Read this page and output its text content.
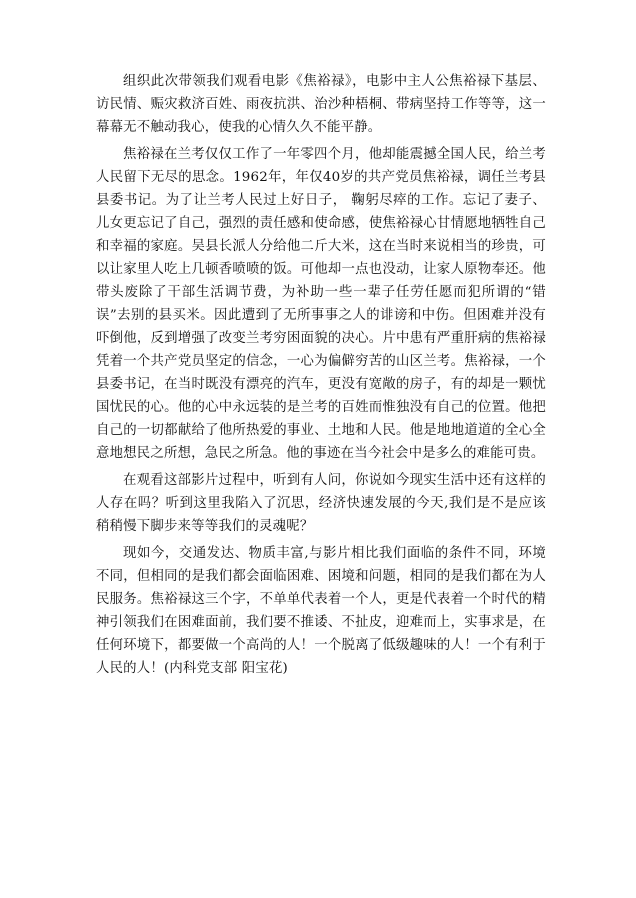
组织此次带领我们观看电影《焦裕禄》，电影中主人公焦裕禄下基层、访民情、赈灾救济百姓、雨夜抗洪、治沙种梧桐、带病坚持工作等等，这一幕幕无不触动我心，使我的心情久久不能平静。

焦裕禄在兰考仅仅工作了一年零四个月，他却能震撼全国人民，给兰考人民留下无尽的思念。1962年，年仅40岁的共产党员焦裕禄，调任兰考县县委书记。为了让兰考人民过上好日子， 鞠躬尽瘁的工作。忘记了妻子、儿女更忘记了自己，强烈的责任感和使命感，使焦裕禄心甘情愿地牺牲自己和幸福的家庭。吴县长派人分给他二斤大米，这在当时来说相当的珍贵，可以让家里人吃上几顿香喷喷的饭。可他却一点也没动，让家人原物奉还。他带头废除了干部生活调节费，为补助一些一辈子任劳任愿而犯所谓的“错误”去别的县买米。因此遭到了无所事事之人的诽谤和中伤。但困难并没有吓倒他，反到增强了改变兰考穷困面貌的决心。片中患有严重肝病的焦裕禄凭着一个共产党员坚定的信念，一心为偏僻穷苦的山区兰考。焦裕禄，一个县委书记，在当时既没有漂亮的汽车，更没有宽敞的房子，有的却是一颗忧国忧民的心。他的心中永远装的是兰考的百姓而惟独没有自己的位置。他把自己的一切都献给了他所热爱的事业、土地和人民。他是地地道道的全心全意地想民之所想，急民之所急。他的事迹在当今社会中是多么的难能可贵。

在观看这部影片过程中，听到有人问，你说如今现实生活中还有这样的人存在吗？听到这里我陷入了沉思，经济快速发展的今天,我们是不是应该稍稍慢下脚步来等等我们的灵魂呢？

现如今，交通发达、物质丰富,与影片相比我们面临的条件不同，环境不同，但相同的是我们都会面临困难、困境和问题，相同的是我们都在为人民服务。焦裕禄这三个字，不单单代表着一个人，更是代表着一个时代的精神引领我们在困难面前，我们要不推诿、不扯皮，迎难而上，实事求是，在任何环境下，都要做一个高尚的人！一个脱离了低级趣味的人！一个有利于人民的人！(内科党支部 阳宝花)
